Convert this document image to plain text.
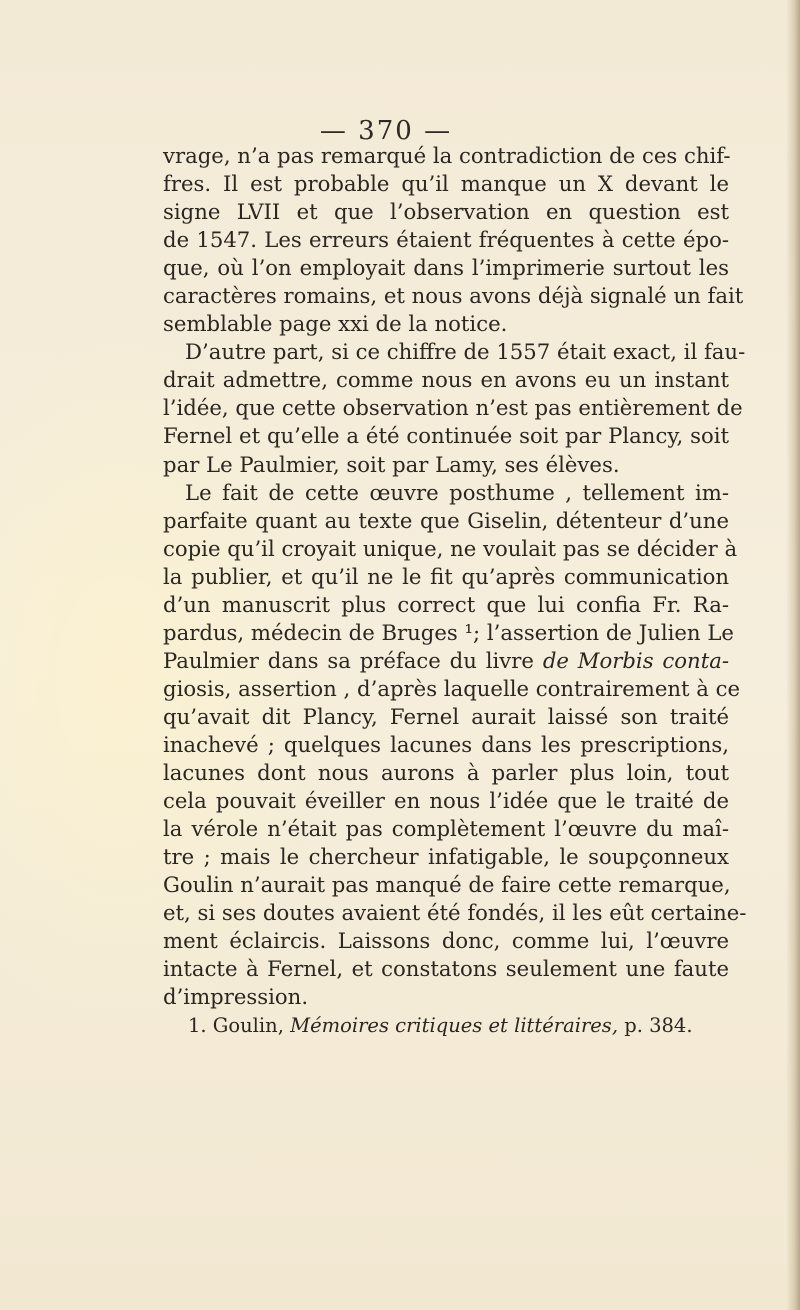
— 370 —
vrage, n’a pas remarqué la contradiction de ces chif-
fres. Il est probable qu’il manque un X devant le
signe LVII et que l’observation en question est
de 1547. Les erreurs étaient fréquentes à cette épo-
que, où l’on employait dans l’imprimerie surtout les
caractères romains, et nous avons déjà signalé un fait
semblable page xxi de la notice.
D’autre part, si ce chiffre de 1557 était exact, il fau-
drait admettre, comme nous en avons eu un instant
l’idée, que cette observation n’est pas entièrement de
Fernel et qu’elle a été continuée soit par Plancy, soit
par Le Paulmier, soit par Lamy, ses élèves.
Le fait de cette œuvre posthume , tellement im-
parfaite quant au texte que Giselin, détenteur d’une
copie qu’il croyait unique, ne voulait pas se décider à
la publier, et qu’il ne le fit qu’après communication
d’un manuscrit plus correct que lui confia Fr. Ra-
pardus, médecin de Bruges ¹; l’assertion de Julien Le
Paulmier dans sa préface du livre de Morbis conta-
giosis, assertion , d’après laquelle contrairement à ce
qu’avait dit Plancy, Fernel aurait laissé son traité
inachevé ; quelques lacunes dans les prescriptions,
lacunes dont nous aurons à parler plus loin, tout
cela pouvait éveiller en nous l’idée que le traité de
la vérole n’était pas complètement l’œuvre du maî-
tre ; mais le chercheur infatigable, le soupçonneux
Goulin n’aurait pas manqué de faire cette remarque,
et, si ses doutes avaient été fondés, il les eût certaine-
ment éclaircis. Laissons donc, comme lui, l’œuvre
intacte à Fernel, et constatons seulement une faute
d’impression.
1. Goulin, Mémoires critiques et littéraires, p. 384.
